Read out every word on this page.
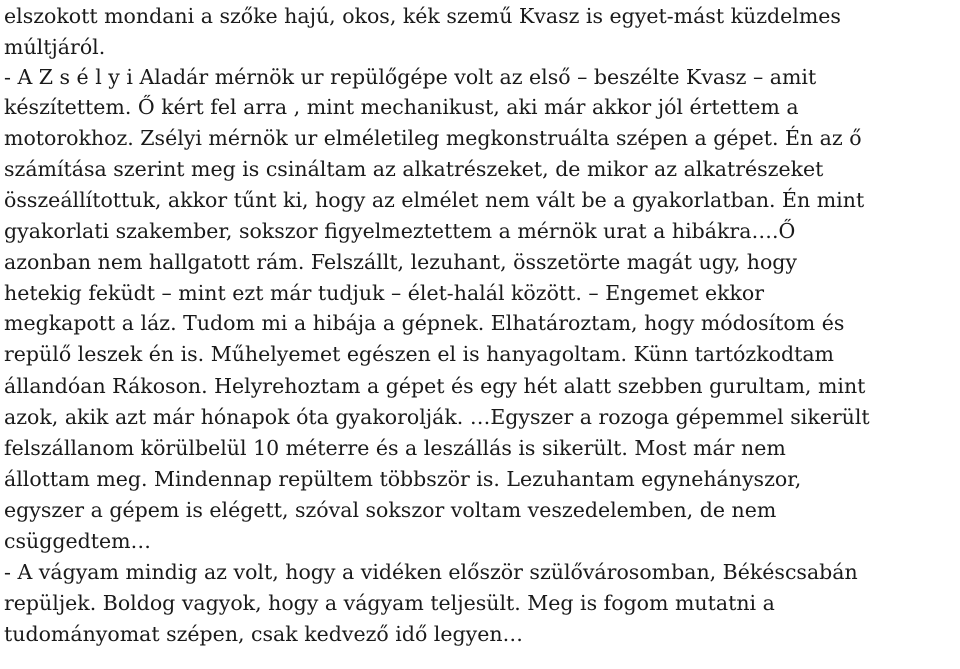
elszokott mondani a szőke hajú, okos, kék szemű Kvasz is egyet-mást küzdelmes

múltjáról.

- A Z s é l y i Aladár mérnök ur repülőgépe volt az első – beszélte Kvasz – amit

készítettem. Ő kért fel arra , mint mechanikust, aki már akkor jól értettem a

motorokhoz. Zsélyi mérnök ur elméletileg megkonstruálta szépen a gépet. Én az ő

számítása szerint meg is csináltam az alkatrészeket, de mikor az alkatrészeket

összeállítottuk, akkor tűnt ki, hogy az elmélet nem vált be a gyakorlatban. Én mint

gyakorlati szakember, sokszor figyelmeztettem a mérnök urat a hibákra….Ő

azonban nem hallgatott rám. Felszállt, lezuhant, összetörte magát ugy, hogy

hetekig feküdt – mint ezt már tudjuk – élet-halál között. – Engemet ekkor

megkapott a láz. Tudom mi a hibája a gépnek. Elhatároztam, hogy módosítom és

repülő leszek én is. Műhelyemet egészen el is hanyagoltam. Künn tartózkodtam

állandóan Rákoson. Helyrehoztam a gépet és egy hét alatt szebben gurultam, mint

azok, akik azt már hónapok óta gyakorolják. …Egyszer a rozoga gépemmel sikerült

felszállanom körülbelül 10 méterre és a leszállás is sikerült. Most már nem

állottam meg. Mindennap repültem többször is. Lezuhantam egynehányszor,

egyszer a gépem is elégett, szóval sokszor voltam veszedelemben, de nem

csüggedtem…

- A vágyam mindig az volt, hogy a vidéken először szülővárosomban, Békéscsabán

repüljek. Boldog vagyok, hogy a vágyam teljesült. Meg is fogom mutatni a

tudományomat szépen, csak kedvező idő legyen…
